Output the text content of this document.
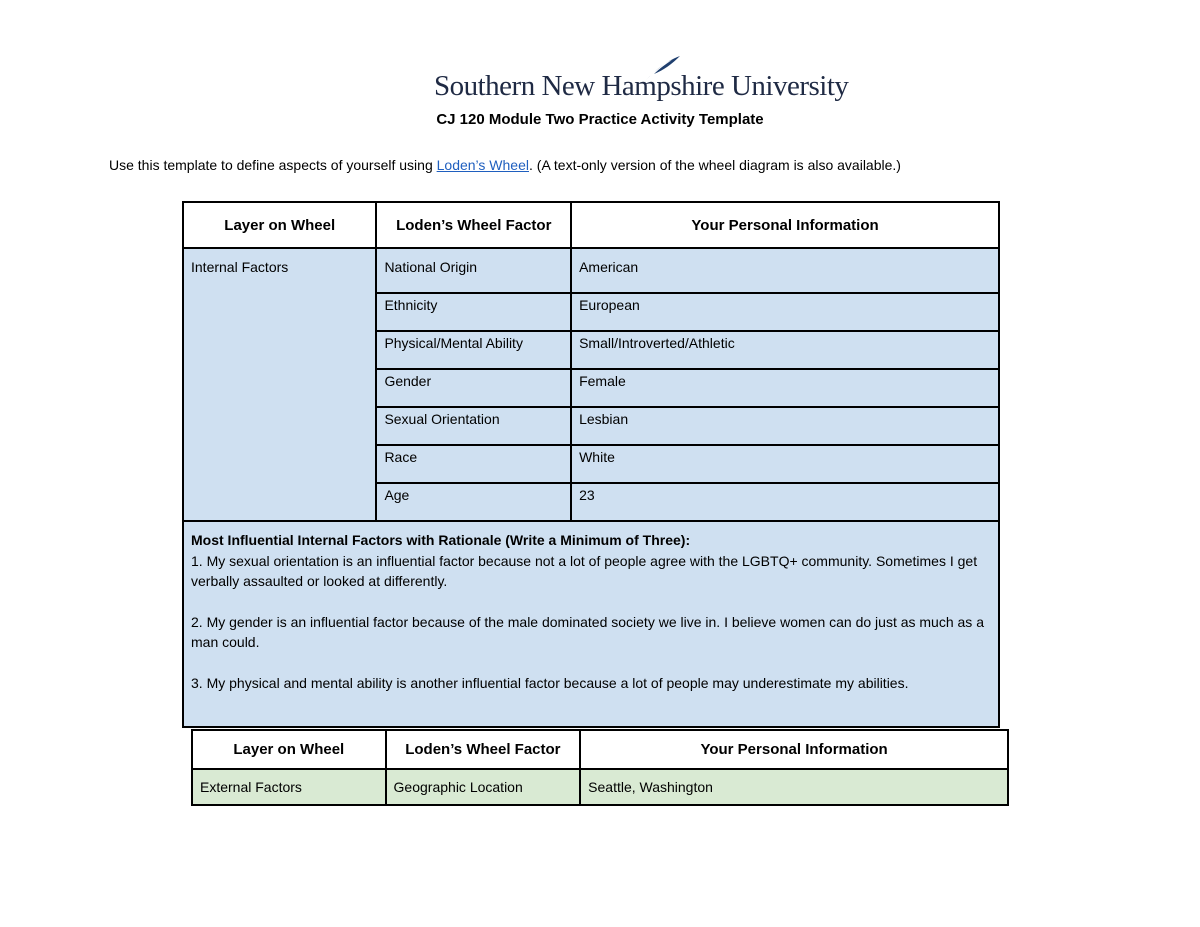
Southern New Hampshire University
CJ 120 Module Two Practice Activity Template
Use this template to define aspects of yourself using Loden’s Wheel. (A text-only version of the wheel diagram is also available.)
Layer on Wheel	Loden’s Wheel Factor	Your Personal Information
Internal Factors	National Origin	American
	Ethnicity	European
	Physical/Mental Ability	Small/Introverted/Athletic
	Gender	Female
	Sexual Orientation	Lesbian
	Race	White
	Age	23

Most Influential Internal Factors with Rationale (Write a Minimum of Three):

1. My sexual orientation is an influential factor because not a lot of people agree with the LGBTQ+ community. Sometimes I get verbally assaulted or looked at differently.

2. My gender is an influential factor because of the male dominated society we live in. I believe women can do just as much as a man could.

3. My physical and mental ability is another influential factor because a lot of people may underestimate my abilities.		

Layer on Wheel	Loden’s Wheel Factor	Your Personal Information
External Factors	Geographic Location	Seattle, Washington
